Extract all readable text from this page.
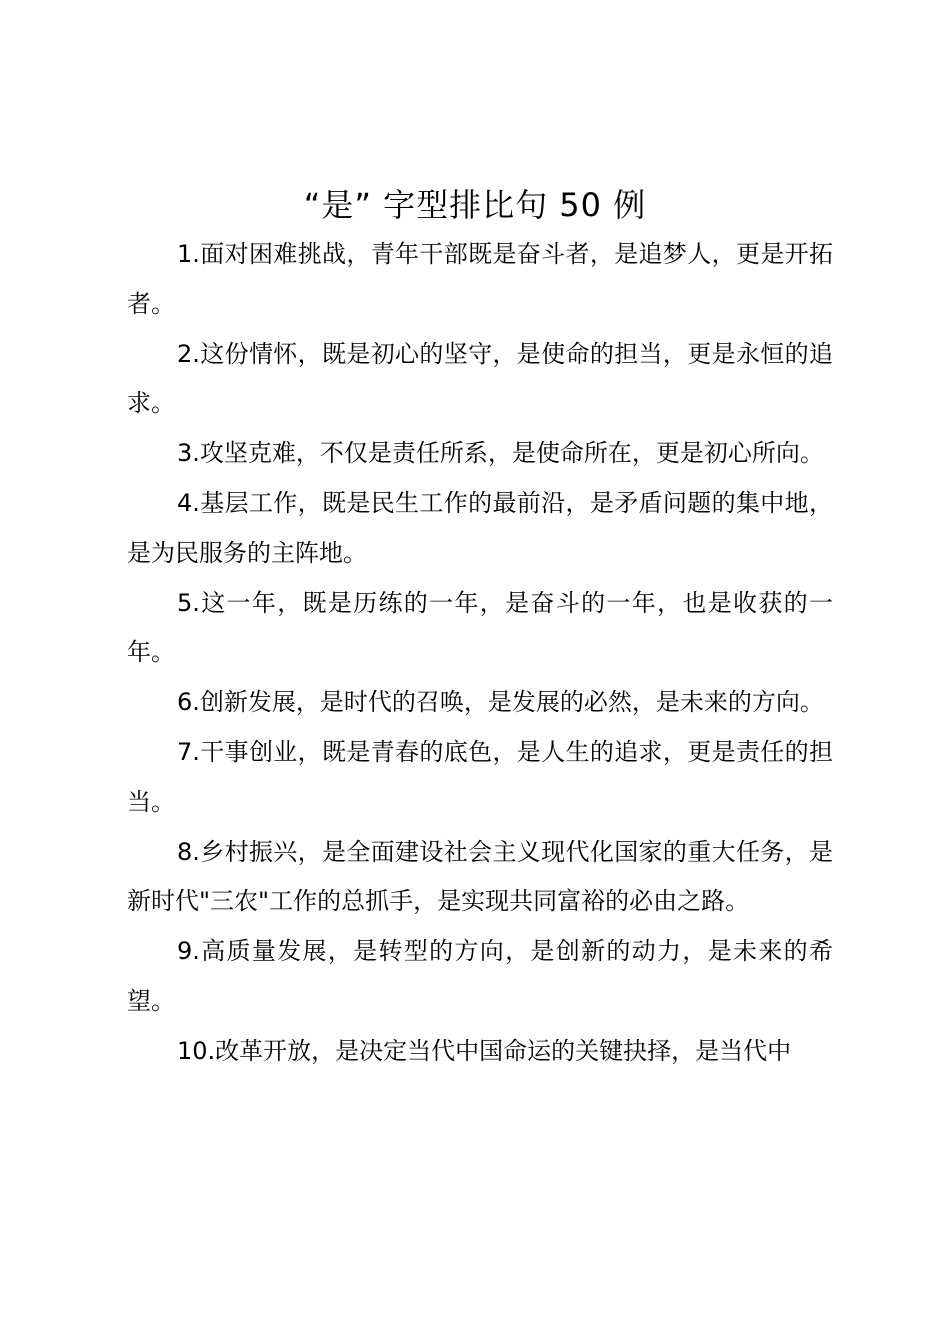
“是” 字型排比句 50 例

1.面对困难挑战，青年干部既是奋斗者，是追梦人，更是开拓者。

2.这份情怀，既是初心的坚守，是使命的担当，更是永恒的追求。

3.攻坚克难，不仅是责任所系，是使命所在，更是初心所向。

4.基层工作，既是民生工作的最前沿，是矛盾问题的集中地，是为民服务的主阵地。

5.这一年，既是历练的一年，是奋斗的一年，也是收获的一年。

6.创新发展，是时代的召唤，是发展的必然，是未来的方向。

7.干事创业，既是青春的底色，是人生的追求，更是责任的担当。

8.乡村振兴，是全面建设社会主义现代化国家的重大任务，是新时代"三农"工作的总抓手，是实现共同富裕的必由之路。

9.高质量发展，是转型的方向，是创新的动力，是未来的希望。

10.改革开放，是决定当代中国命运的关键抉择，是当代中
